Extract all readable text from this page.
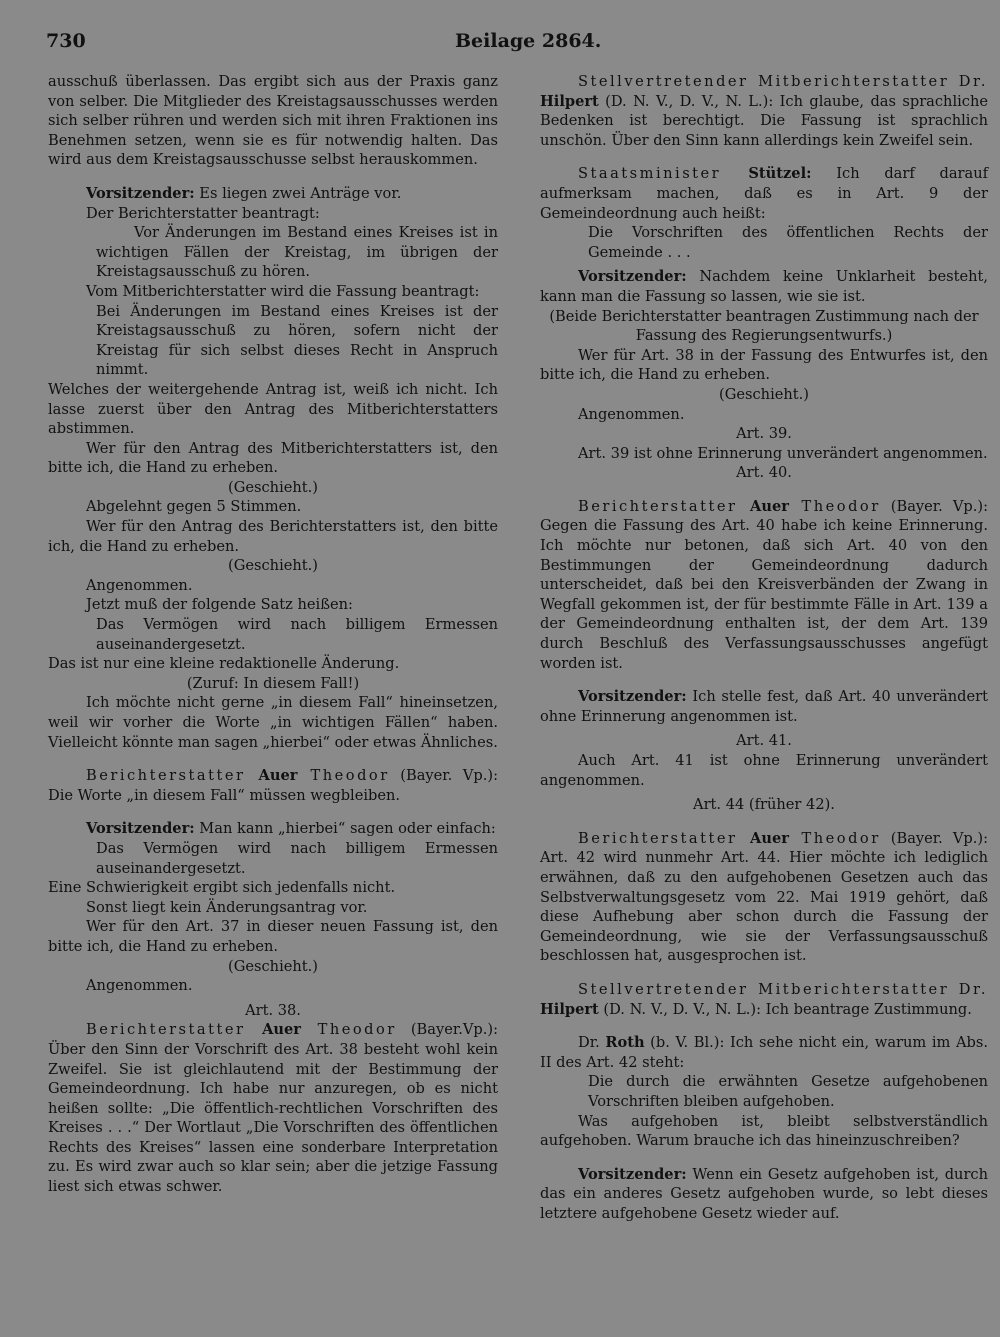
730	Beilage 2864.

ausschuß überlassen. Das ergibt sich aus der Praxis ganz von selber. Die Mitglieder des Kreistagsausschusses werden sich selber rühren und werden sich mit ihren Fraktionen ins Benehmen setzen, wenn sie es für notwendig halten. Das wird aus dem Kreistagsausschusse selbst herauskommen.

Vorsitzender: Es liegen zwei Anträge vor.

Der Berichterstatter beantragt:

Vor Änderungen im Bestand eines Kreises ist in wichtigen Fällen der Kreistag, im übrigen der Kreistagsausschuß zu hören.

Vom Mitberichterstatter wird die Fassung beantragt:

Bei Änderungen im Bestand eines Kreises ist der Kreistagsausschuß zu hören, sofern nicht der Kreistag für sich selbst dieses Recht in Anspruch nimmt.

Welches der weitergehende Antrag ist, weiß ich nicht. Ich lasse zuerst über den Antrag des Mitberichterstatters abstimmen.

Wer für den Antrag des Mitberichterstatters ist, den bitte ich, die Hand zu erheben.

(Geschieht.)

Abgelehnt gegen 5 Stimmen.

Wer für den Antrag des Berichterstatters ist, den bitte ich, die Hand zu erheben.

(Geschieht.)

Angenommen.

Jetzt muß der folgende Satz heißen:

Das Vermögen wird nach billigem Ermessen auseinandergesetzt.

Das ist nur eine kleine redaktionelle Änderung.

(Zuruf: In diesem Fall!)

Ich möchte nicht gerne „in diesem Fall“ hineinsetzen, weil wir vorher die Worte „in wichtigen Fällen“ haben. Vielleicht könnte man sagen „hierbei“ oder etwas Ähnliches.

Berichterstatter Auer Theodor (Bayer. Vp.): Die Worte „in diesem Fall“ müssen wegbleiben.

Vorsitzender: Man kann „hierbei“ sagen oder einfach:

Das Vermögen wird nach billigem Ermessen auseinandergesetzt.

Eine Schwierigkeit ergibt sich jedenfalls nicht.

Sonst liegt kein Änderungsantrag vor.

Wer für den Art. 37 in dieser neuen Fassung ist, den bitte ich, die Hand zu erheben.

(Geschieht.)

Angenommen.

Art. 38.

Berichterstatter Auer Theodor (Bayer.Vp.): Über den Sinn der Vorschrift des Art. 38 besteht wohl kein Zweifel. Sie ist gleichlautend mit der Bestimmung der Gemeindeordnung. Ich habe nur anzuregen, ob es nicht heißen sollte: „Die öffentlich-rechtlichen Vorschriften des Kreises . . .“ Der Wortlaut „Die Vorschriften des öffentlichen Rechts des Kreises“ lassen eine sonderbare Interpretation zu. Es wird zwar auch so klar sein; aber die jetzige Fassung liest sich etwas schwer.

Stellvertretender Mitberichterstatter Dr. Hilpert (D. N. V., D. V., N. L.): Ich glaube, das sprachliche Bedenken ist berechtigt. Die Fassung ist sprachlich unschön. Über den Sinn kann allerdings kein Zweifel sein.

Staatsminister Stützel: Ich darf darauf aufmerksam machen, daß es in Art. 9 der Gemeindeordnung auch heißt:

Die Vorschriften des öffentlichen Rechts der Gemeinde . . .

Vorsitzender: Nachdem keine Unklarheit besteht, kann man die Fassung so lassen, wie sie ist.

(Beide Berichterstatter beantragen Zustimmung nach der Fassung des Regierungsentwurfs.)

Wer für Art. 38 in der Fassung des Entwurfes ist, den bitte ich, die Hand zu erheben.

(Geschieht.)

Angenommen.

Art. 39.

Art. 39 ist ohne Erinnerung unverändert angenommen.

Art. 40.

Berichterstatter Auer Theodor (Bayer. Vp.): Gegen die Fassung des Art. 40 habe ich keine Erinnerung. Ich möchte nur betonen, daß sich Art. 40 von den Bestimmungen der Gemeindeordnung dadurch unterscheidet, daß bei den Kreisverbänden der Zwang in Wegfall gekommen ist, der für bestimmte Fälle in Art. 139 a der Gemeindeordnung enthalten ist, der dem Art. 139 durch Beschluß des Verfassungsausschusses angefügt worden ist.

Vorsitzender: Ich stelle fest, daß Art. 40 unverändert ohne Erinnerung angenommen ist.

Art. 41.

Auch Art. 41 ist ohne Erinnerung unverändert angenommen.

Art. 44 (früher 42).

Berichterstatter Auer Theodor (Bayer. Vp.): Art. 42 wird nunmehr Art. 44. Hier möchte ich lediglich erwähnen, daß zu den aufgehobenen Gesetzen auch das Selbstverwaltungsgesetz vom 22. Mai 1919 gehört, daß diese Aufhebung aber schon durch die Fassung der Gemeindeordnung, wie sie der Verfassungsausschuß beschlossen hat, ausgesprochen ist.

Stellvertretender Mitberichterstatter Dr. Hilpert (D. N. V., D. V., N. L.): Ich beantrage Zustimmung.

Dr. Roth (b. V. Bl.): Ich sehe nicht ein, warum im Abs. II des Art. 42 steht:

Die durch die erwähnten Gesetze aufgehobenen Vorschriften bleiben aufgehoben.

Was aufgehoben ist, bleibt selbstverständlich aufgehoben. Warum brauche ich das hineinzuschreiben?

Vorsitzender: Wenn ein Gesetz aufgehoben ist, durch das ein anderes Gesetz aufgehoben wurde, so lebt dieses letztere aufgehobene Gesetz wieder auf.
